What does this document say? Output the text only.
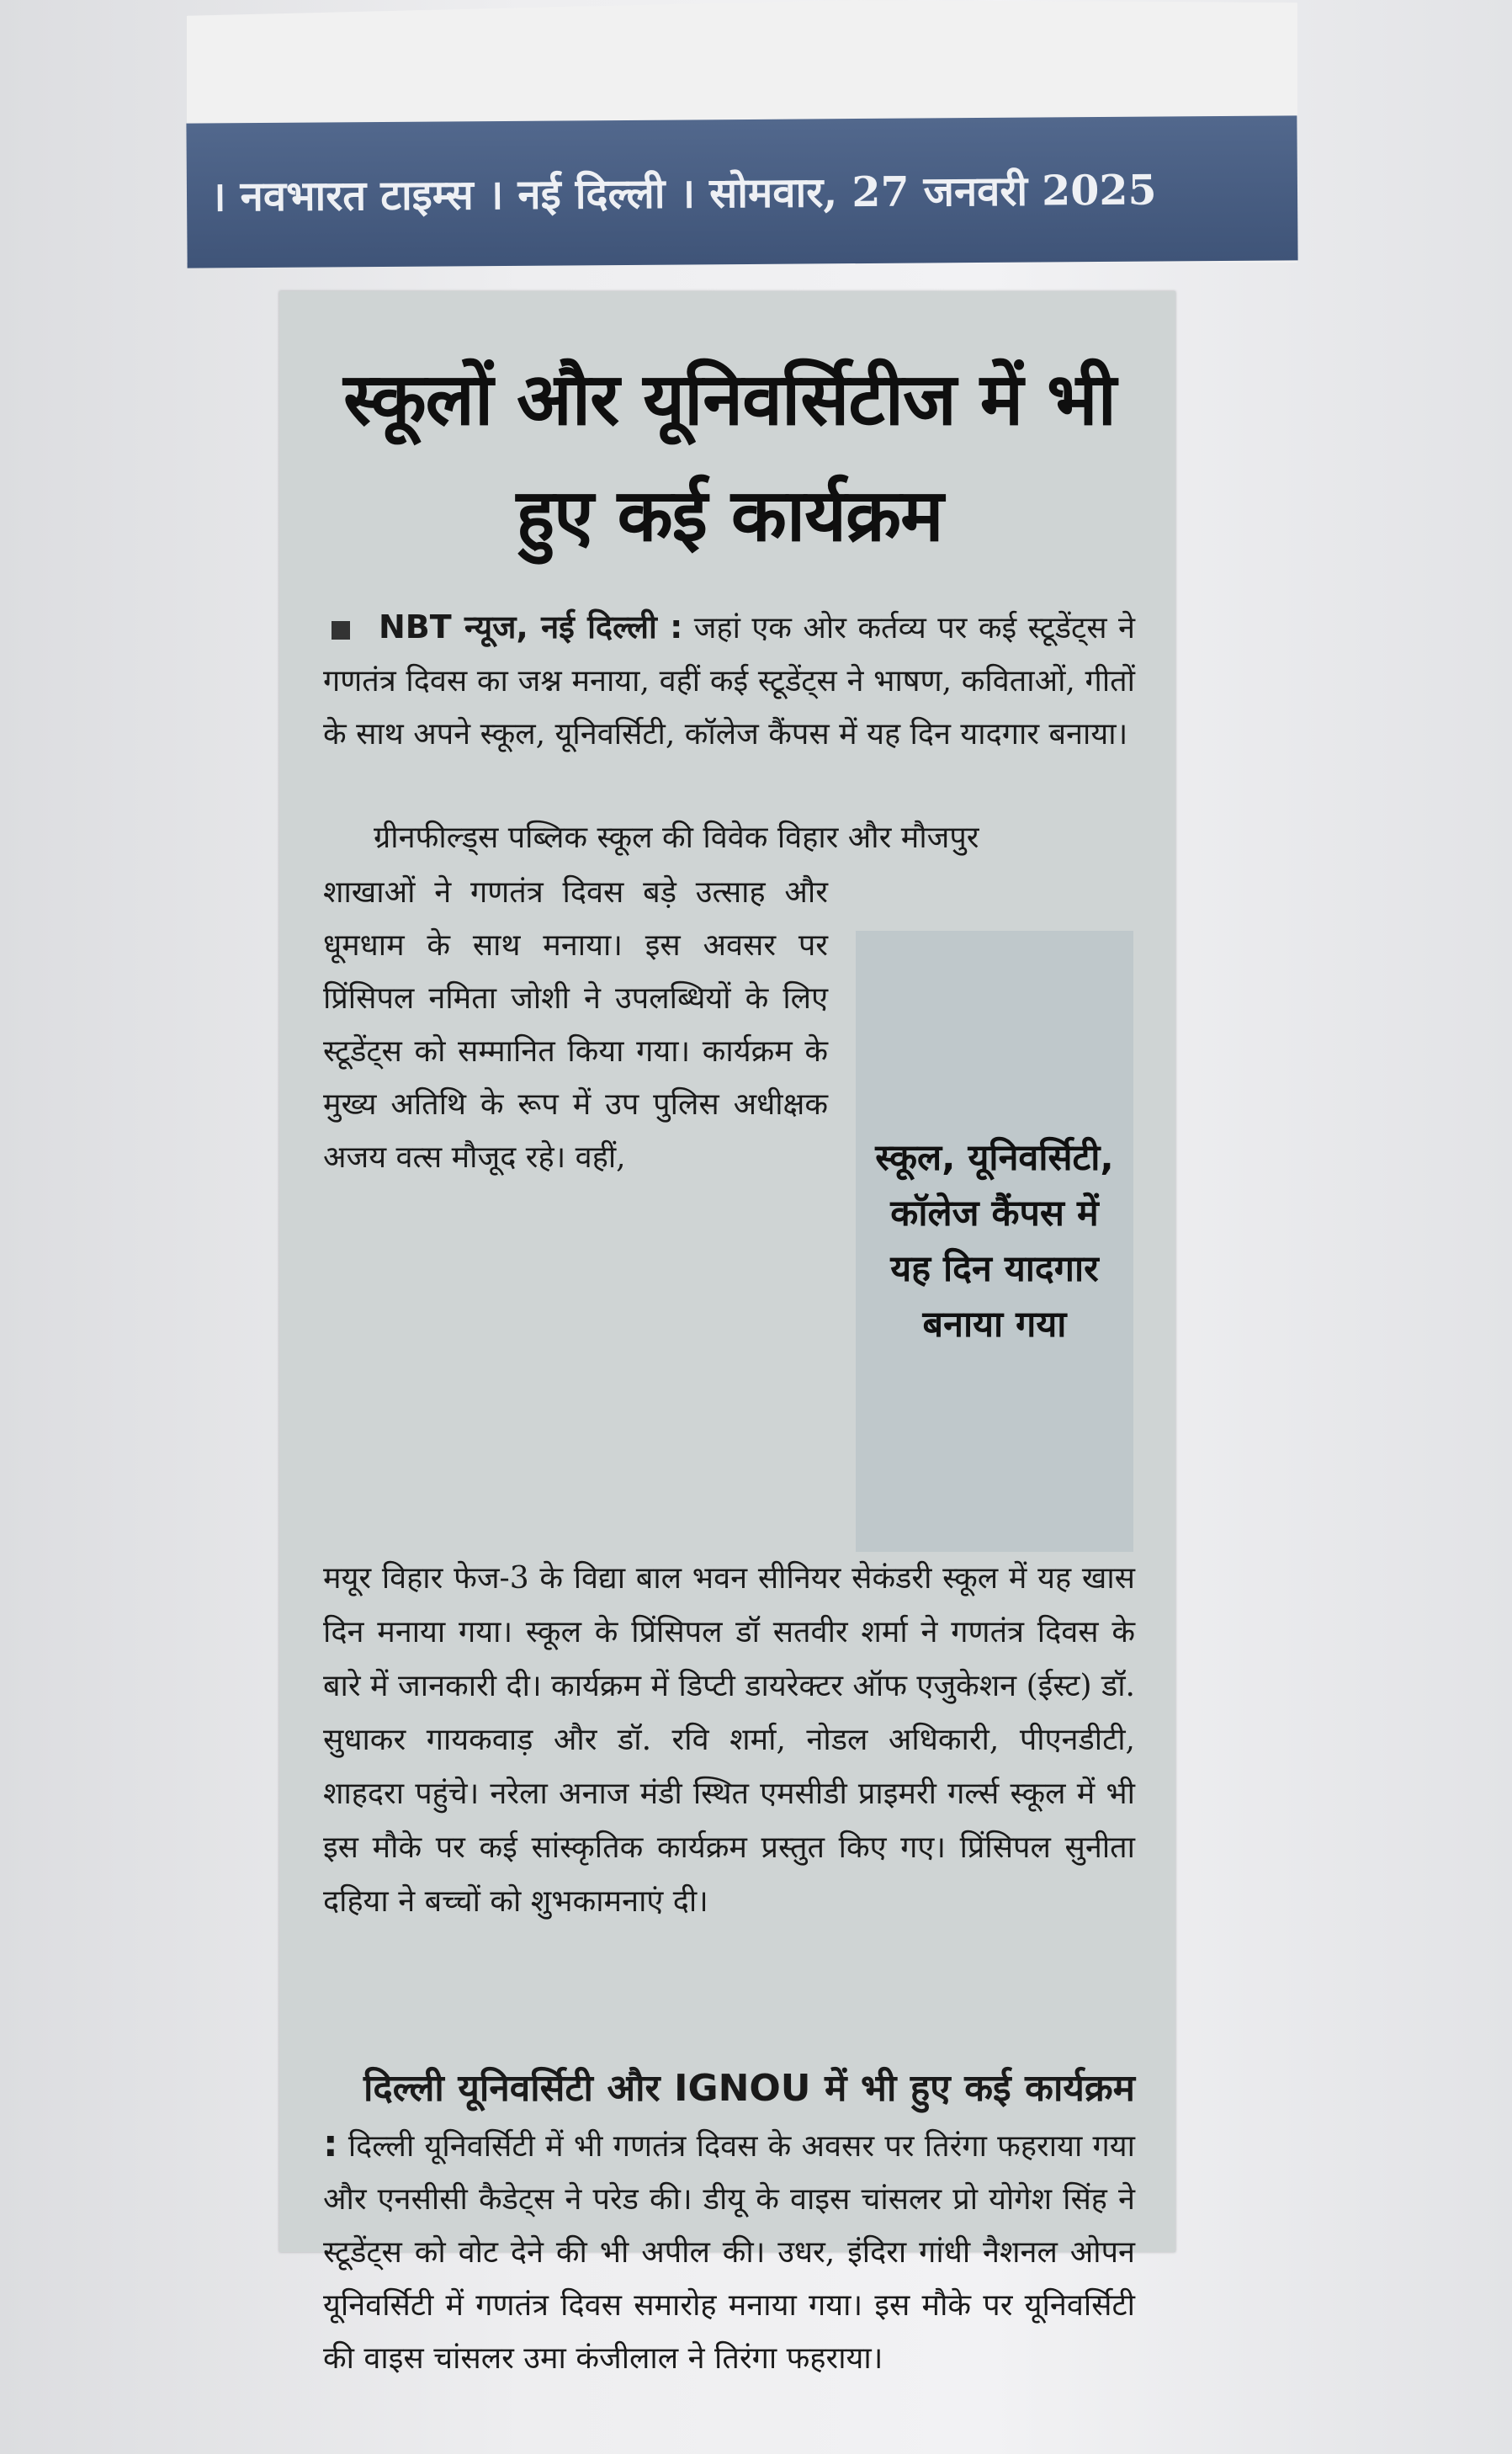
। नवभारत टाइम्स । नई दिल्ली । सोमवार, 27 जनवरी 2025
स्कूलों और यूनिवर्सिटीज में भी हुए कई कार्यक्रम
NBT न्यूज, नई दिल्ली : जहां एक ओर कर्तव्य पर कई स्टूडेंट्स ने गणतंत्र दिवस का जश्न मनाया, वहीं कई स्टूडेंट्स ने भाषण, कविताओं, गीतों के साथ अपने स्कूल, यूनिवर्सिटी, कॉलेज कैंपस में यह दिन यादगार बनाया।
ग्रीनफील्ड्स पब्लिक स्कूल की विवेक विहार और मौजपुर
शाखाओं ने गणतंत्र दिवस बड़े उत्साह और धूमधाम के साथ मनाया। इस अवसर पर प्रिंसिपल नमिता जोशी ने उपलब्धियों के लिए स्टूडेंट्स को सम्मानित किया गया। कार्यक्रम के मुख्य अतिथि के रूप में उप पुलिस अधीक्षक अजय वत्स मौजूद रहे। वहीं,	स्कूल, यूनिवर्सिटी, कॉलेज कैंपस में यह दिन यादगार बनाया गया
मयूर विहार फेज-3 के विद्या बाल भवन सीनियर सेकंडरी स्कूल में यह खास दिन मनाया गया। स्कूल के प्रिंसिपल डॉ सतवीर शर्मा ने गणतंत्र दिवस के बारे में जानकारी दी। कार्यक्रम में डिप्टी डायरेक्टर ऑफ एजुकेशन (ईस्ट) डॉ. सुधाकर गायकवाड़ और डॉ. रवि शर्मा, नोडल अधिकारी, पीएनडीटी, शाहदरा पहुंचे। नरेला अनाज मंडी स्थित एमसीडी प्राइमरी गर्ल्स स्कूल में भी इस मौके पर कई सांस्कृतिक कार्यक्रम प्रस्तुत किए गए। प्रिंसिपल सुनीता दहिया ने बच्चों को शुभकामनाएं दी।
दिल्ली यूनिवर्सिटी और IGNOU में भी हुए कई कार्यक्रम : दिल्ली यूनिवर्सिटी में भी गणतंत्र दिवस के अवसर पर तिरंगा फहराया गया और एनसीसी कैडेट्स ने परेड की। डीयू के वाइस चांसलर प्रो योगेश सिंह ने स्टूडेंट्स को वोट देने की भी अपील की। उधर, इंदिरा गांधी नैशनल ओपन यूनिवर्सिटी में गणतंत्र दिवस समारोह मनाया गया। इस मौके पर यूनिवर्सिटी की वाइस चांसलर उमा कंजीलाल ने तिरंगा फहराया।
